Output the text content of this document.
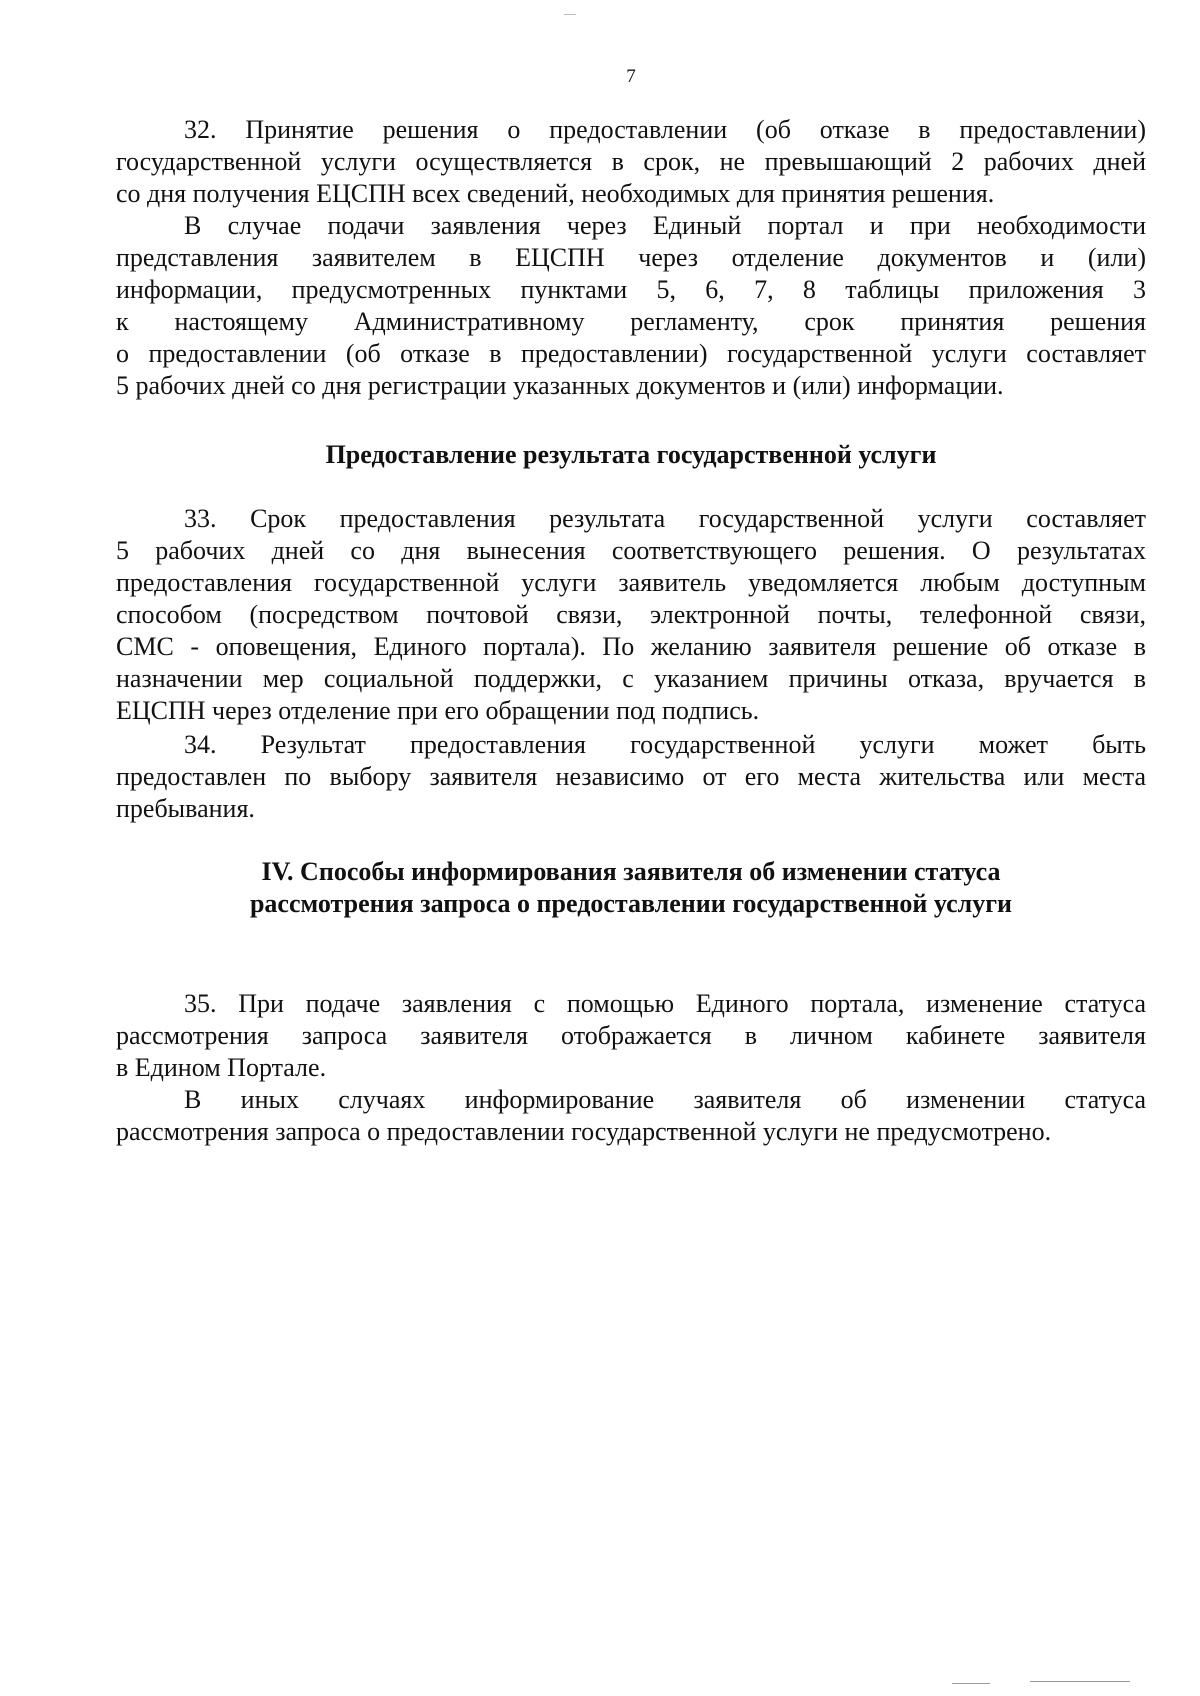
7
32. Принятие решения о предоставлении (об отказе в предоставлении)
государственной услуги осуществляется в срок, не превышающий 2 рабочих дней
со дня получения ЕЦСПН всех сведений, необходимых для принятия решения.
В случае подачи заявления через Единый портал и при необходимости
представления заявителем в ЕЦСПН через отделение документов и (или)
информации, предусмотренных пунктами 5, 6, 7, 8 таблицы приложения 3
к настоящему Административному регламенту, срок принятия решения
о предоставлении (об отказе в предоставлении) государственной услуги составляет
5 рабочих дней со дня регистрации указанных документов и (или) информации.

Предоставление результата государственной услуги

33. Срок предоставления результата государственной услуги составляет
5 рабочих дней со дня вынесения соответствующего решения. О результатах
предоставления государственной услуги заявитель уведомляется любым доступным
способом (посредством почтовой связи, электронной почты, телефонной связи,
СМС - оповещения, Единого портала). По желанию заявителя решение об отказе в
назначении мер социальной поддержки, с указанием причины отказа, вручается в
ЕЦСПН через отделение при его обращении под подпись.
34. Результат предоставления государственной услуги может быть
предоставлен по выбору заявителя независимо от его места жительства или места
пребывания.

IV. Способы информирования заявителя об изменении статуса

рассмотрения запроса о предоставлении государственной услуги

35. При подаче заявления с помощью Единого портала, изменение статуса
рассмотрения запроса заявителя отображается в личном кабинете заявителя
в Едином Портале.
В иных случаях информирование заявителя об изменении статуса
рассмотрения запроса о предоставлении государственной услуги не предусмотрено.
